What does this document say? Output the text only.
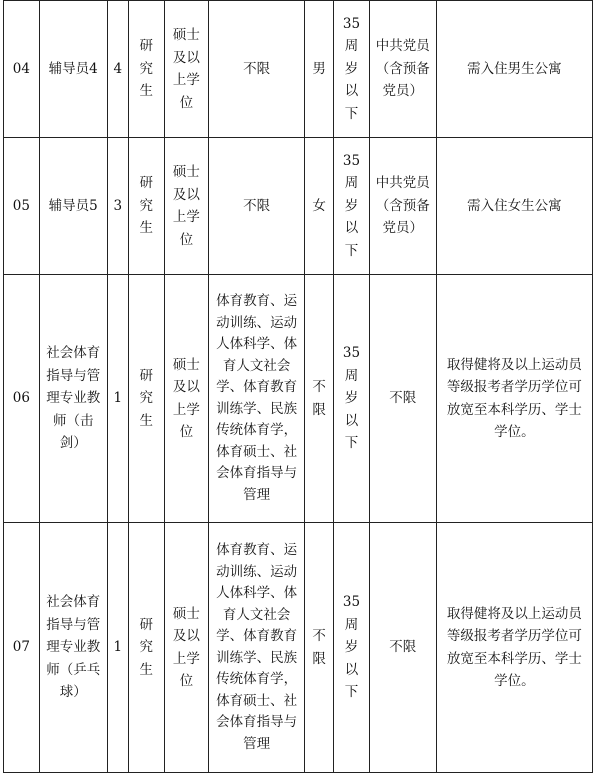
04	辅导员4	4	研究生	硕士及以上学位	不限	男	35周岁以下	中共党员（含预备党员）	需入住男生公寓
05	辅导员5	3	研究生	硕士及以上学位	不限	女	35周岁以下	中共党员（含预备党员）	需入住女生公寓
06	社会体育指导与管理专业教师（击剑）	1	研究生	硕士及以上学位	体育教育、运动训练、运动人体科学、体育人文社会学、体育教育训练学、民族传统体育学，体育硕士、社会体育指导与管理	不限	35周岁以下	不限	取得健将及以上运动员等级报考者学历学位可放宽至本科学历、学士学位。
07	社会体育指导与管理专业教师（乒乓球）	1	研究生	硕士及以上学位	体育教育、运动训练、运动人体科学、体育人文社会学、体育教育训练学、民族传统体育学，体育硕士、社会体育指导与管理	不限	35周岁以下	不限	取得健将及以上运动员等级报考者学历学位可放宽至本科学历、学士学位。
